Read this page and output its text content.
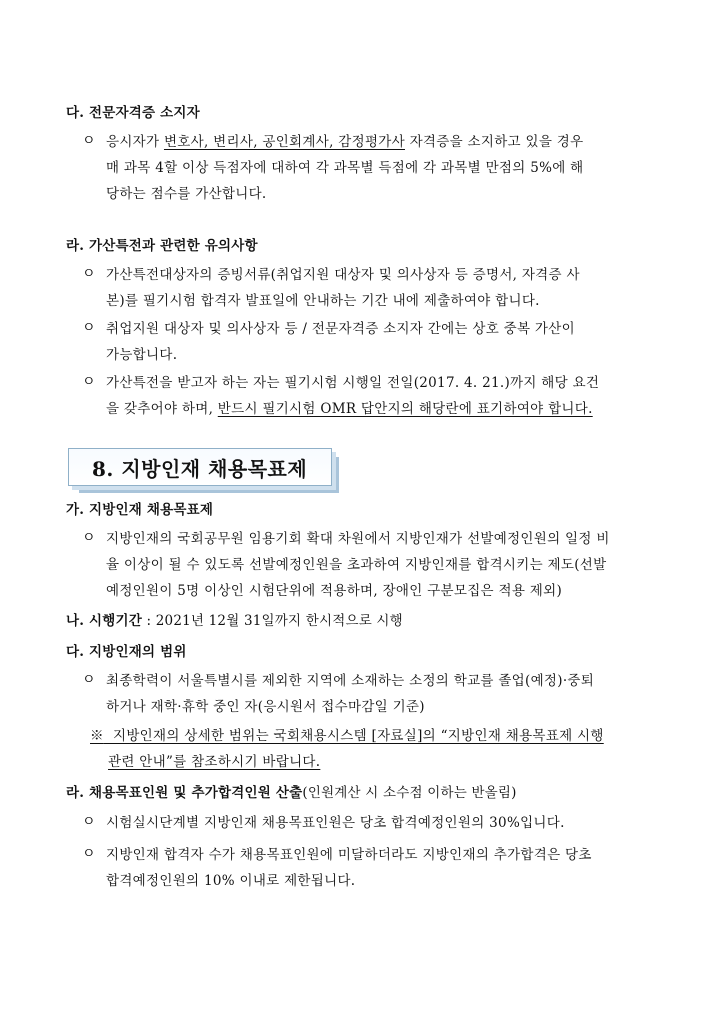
다. 전문자격증 소지자
ㅇ 응시자가 변호사, 변리사, 공인회계사, 감정평가사 자격증을 소지하고 있을 경우
매 과목 4할 이상 득점자에 대하여 각 과목별 득점에 각 과목별 만점의 5%에 해
당하는 점수를 가산합니다.
라. 가산특전과 관련한 유의사항
ㅇ 가산특전대상자의 증빙서류(취업지원 대상자 및 의사상자 등 증명서, 자격증 사
본)를 필기시험 합격자 발표일에 안내하는 기간 내에 제출하여야 합니다.
ㅇ 취업지원 대상자 및 의사상자 등 / 전문자격증 소지자 간에는 상호 중복 가산이
가능합니다.
ㅇ 가산특전을 받고자 하는 자는 필기시험 시행일 전일(2017. 4. 21.)까지 해당 요건
을 갖추어야 하며, 반드시 필기시험 OMR 답안지의 해당란에 표기하여야 합니다.
8. 지방인재 채용목표제
가. 지방인재 채용목표제
ㅇ 지방인재의 국회공무원 임용기회 확대 차원에서 지방인재가 선발예정인원의 일정 비
율 이상이 될 수 있도록 선발예정인원을 초과하여 지방인재를 합격시키는 제도(선발
예정인원이 5명 이상인 시험단위에 적용하며, 장애인 구분모집은 적용 제외)
나. 시행기간 : 2021년 12월 31일까지 한시적으로 시행
다. 지방인재의 범위
ㅇ 최종학력이 서울특별시를 제외한 지역에 소재하는 소정의 학교를 졸업(예정)·중퇴
하거나 재학·휴학 중인 자(응시원서 접수마감일 기준)
※ 지방인재의 상세한 범위는 국회채용시스템 [자료실]의 “지방인재 채용목표제 시행
관련 안내”를 참조하시기 바랍니다.
라. 채용목표인원 및 추가합격인원 산출(인원계산 시 소수점 이하는 반올림)
ㅇ 시험실시단계별 지방인재 채용목표인원은 당초 합격예정인원의 30%입니다.
ㅇ 지방인재 합격자 수가 채용목표인원에 미달하더라도 지방인재의 추가합격은 당초
합격예정인원의 10% 이내로 제한됩니다.
